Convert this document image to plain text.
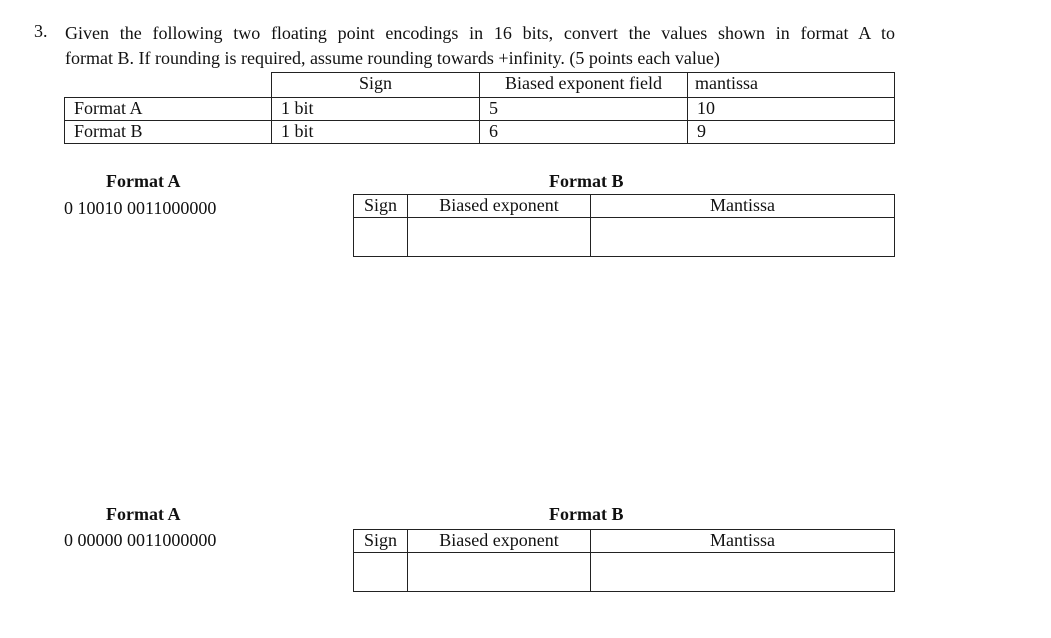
3. Given the following two floating point encodings in 16 bits, convert the values shown in format A to
format B. If rounding is required, assume rounding towards +infinity. (5 points each value)
	Sign	Biased exponent field	mantissa
Format A	1 bit	5	10
Format B	1 bit	6	9
Format A
0 10010 0011000000
Format B
Sign	Biased exponent	Mantissa

Format A
0 00000 0011000000
Format B
Sign	Biased exponent	Mantissa
